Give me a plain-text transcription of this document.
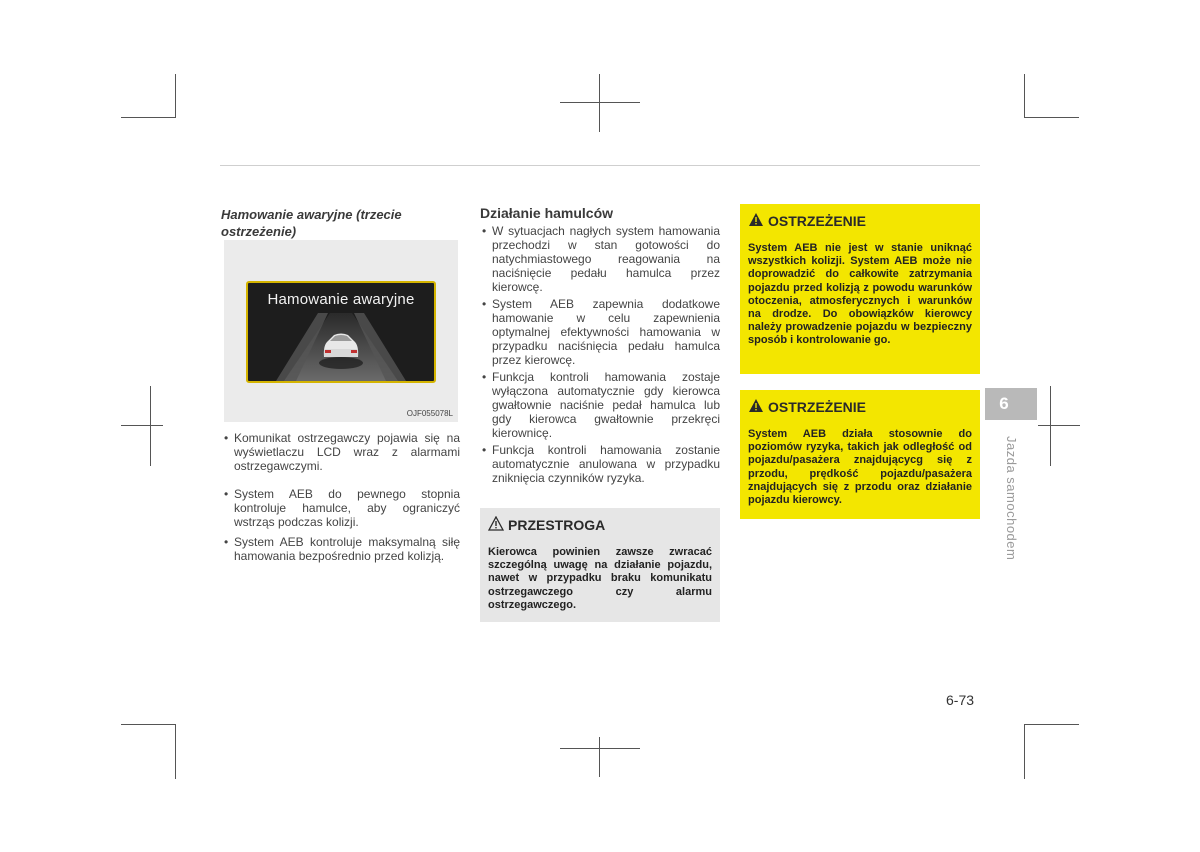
Hamowanie awaryjne (trzecie ostrzeżenie)
Hamowanie awaryjne
OJF055078L
• Komunikat ostrzegawczy pojawia się na wyświetlaczu LCD wraz z alarmami ostrzegawczymi.
• System AEB do pewnego stopnia kontroluje hamulce, aby ograniczyć wstrząs podczas kolizji.
• System AEB kontroluje maksymalną siłę hamowania bezpośrednio przed kolizją.
Działanie hamulców
• W sytuacjach nagłych system hamowania przechodzi w stan gotowości do natychmiastowego reagowania na naciśnięcie pedału hamulca przez kierowcę.
• System AEB zapewnia dodatkowe hamowanie w celu zapewnienia optymalnej efektywności hamowania w przypadku naciśnięcia pedału hamulca przez kierowcę.
• Funkcja kontroli hamowania zostaje wyłączona automatycznie gdy kierowca gwałtownie naciśnie pedał hamulca lub gdy kierowca gwałtownie przekręci kierownicę.
• Funkcja kontroli hamowania zostanie automatycznie anulowana w przypadku zniknięcia czynników ryzyka.
PRZESTROGA
Kierowca powinien zawsze zwracać szczególną uwagę na działanie pojazdu, nawet w przypadku braku komunikatu ostrzegawczego czy alarmu ostrzegawczego.
OSTRZEŻENIE
System AEB nie jest w stanie uniknąć wszystkich kolizji. System AEB może nie doprowadzić do całkowite zatrzymania pojazdu przed kolizją z powodu warunków otoczenia, atmosferycznych i warunków na drodze. Do obowiązków kierowcy należy prowadzenie pojazdu w bezpieczny sposób i kontrolowanie go.
OSTRZEŻENIE
System AEB działa stosownie do poziomów ryzyka, takich jak odległość od pojazdu/pasażera znajdującycg się z przodu, prędkość pojazdu/pasażera znajdujących się z przodu oraz działanie pojazdu kierowcy.
6
Jazda samochodem
6-73
